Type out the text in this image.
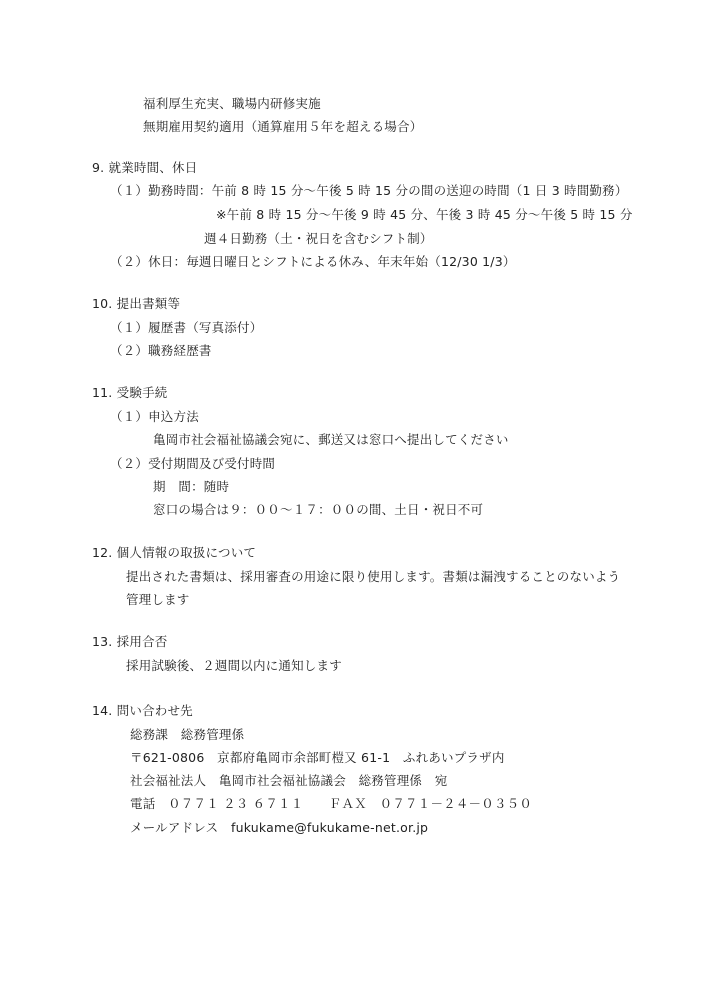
福利厚生充実、職場内研修実施
無期雇用契約適用（通算雇用５年を超える場合）
9. 就業時間、休日
（１）勤務時間：午前 8 時 15 分～午後 5 時 15 分の間の送迎の時間（1 日 3 時間勤務）
※午前 8 時 15 分～午後 9 時 45 分、午後 3 時 45 分～午後 5 時 15 分
週４日勤務（土・祝日を含むシフト制）
（２）休日：毎週日曜日とシフトによる休み、年末年始（12/30 1/3）
10. 提出書類等
（１）履歴書（写真添付）
（２）職務経歴書
11. 受験手続
（１）申込方法
亀岡市社会福祉協議会宛に、郵送又は窓口へ提出してください
（２）受付期間及び受付時間
期　間：随時
窓口の場合は９：００～１７：００の間、土日・祝日不可
12. 個人情報の取扱について
提出された書類は、採用審査の用途に限り使用します。書類は漏洩することのないよう
管理します
13. 採用合否
採用試験後、２週間以内に通知します
14. 問い合わせ先
総務課　総務管理係
〒621-0806　京都府亀岡市余部町榿又 61-1　ふれあいプラザ内
社会福祉法人　亀岡市社会福祉協議会　総務管理係　宛
電話　０７７１ ２３ ６７１１　　ＦＡＸ　０７７１－２４－０３５０
メールアドレス　fukukame@fukukame-net.or.jp
